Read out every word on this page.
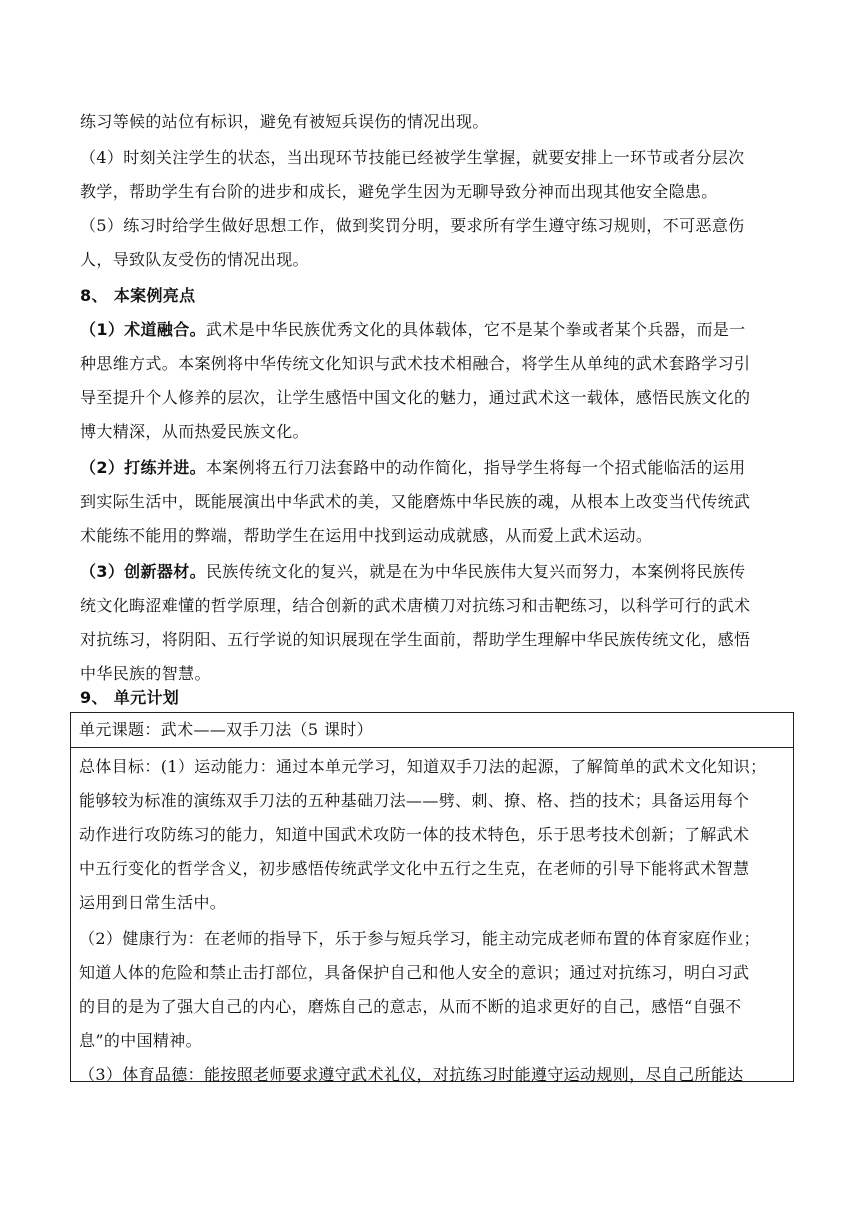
练习等候的站位有标识，避免有被短兵误伤的情况出现。
（4）时刻关注学生的状态，当出现环节技能已经被学生掌握，就要安排上一环节或者分层次
教学，帮助学生有台阶的进步和成长，避免学生因为无聊导致分神而出现其他安全隐患。
（5）练习时给学生做好思想工作，做到奖罚分明，要求所有学生遵守练习规则，不可恶意伤
人，导致队友受伤的情况出现。
8、 本案例亮点
（1）术道融合。武术是中华民族优秀文化的具体载体，它不是某个拳或者某个兵器，而是一
种思维方式。本案例将中华传统文化知识与武术技术相融合，将学生从单纯的武术套路学习引
导至提升个人修养的层次，让学生感悟中国文化的魅力，通过武术这一载体，感悟民族文化的
博大精深，从而热爱民族文化。
（2）打练并进。本案例将五行刀法套路中的动作简化，指导学生将每一个招式能临活的运用
到实际生活中，既能展演出中华武术的美，又能磨炼中华民族的魂，从根本上改变当代传统武
术能练不能用的弊端，帮助学生在运用中找到运动成就感，从而爱上武术运动。
（3）创新器材。民族传统文化的复兴，就是在为中华民族伟大复兴而努力，本案例将民族传
统文化晦涩难懂的哲学原理，结合创新的武术唐横刀对抗练习和击靶练习，以科学可行的武术
对抗练习，将阴阳、五行学说的知识展现在学生面前，帮助学生理解中华民族传统文化，感悟
中华民族的智慧。
9、 单元计划
单元课题：武术——双手刀法（5 课时）
总体目标：(1）运动能力：通过本单元学习，知道双手刀法的起源，了解简单的武术文化知识；
能够较为标准的演练双手刀法的五种基础刀法——劈、刺、撩、格、挡的技术；具备运用每个
动作进行攻防练习的能力，知道中国武术攻防一体的技术特色，乐于思考技术创新；了解武术
中五行变化的哲学含义，初步感悟传统武学文化中五行之生克，在老师的引导下能将武术智慧
运用到日常生活中。
（2）健康行为：在老师的指导下，乐于参与短兵学习，能主动完成老师布置的体育家庭作业；
知道人体的危险和禁止击打部位，具备保护自己和他人安全的意识；通过对抗练习，明白习武
的目的是为了强大自己的内心，磨炼自己的意志，从而不断的追求更好的自己，感悟“自强不
息”的中国精神。
（3）体育品德：能按照老师要求遵守武术礼仪，对抗练习时能遵守运动规则，尽自己所能达
